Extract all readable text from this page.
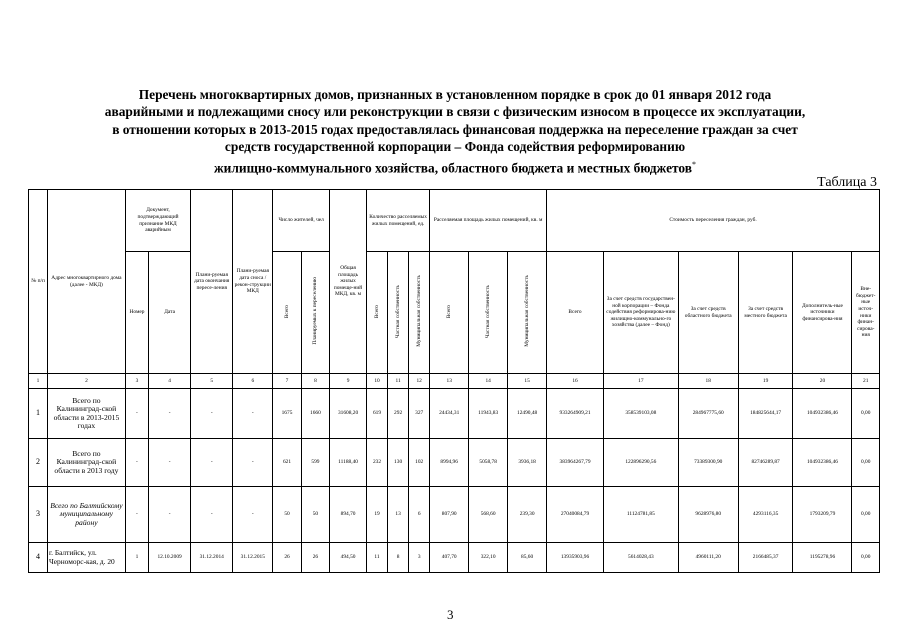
Перечень многоквартирных домов, признанных в установленном порядке в срок до 01 января 2012 года
аварийными и подлежащими сносу или реконструкции в связи с физическим износом в процессе их эксплуатации,
в отношении которых в 2013-2015 годах предоставлялась финансовая поддержка на переселение граждан за счет
средств государственной корпорации – Фонда содействия реформированию
жилищно-коммунального хозяйства, областного бюджета и местных бюджетов*
Таблица 3
№ п/п	Адрес многоквартирного дома (далее - МКД)	Документ, подтверждающий признание МКД аварийным		Плани-руемая дата окончания пересе-ления	Плани-руемая дата сноса / рекон-струкции МКД	Число жителей, чел		Общая площадь жилых помеще-ний МКД, кв. м	Количество расселяемых жилых помещений, ед.			Расселяемая площадь жилых помещений, кв. м			Стоимость переселения граждан, руб.					
		Номер	Дата			Всего	Планируемых к переселению		Всего	Частная собственность	Муниципальная собственность	Всего	Частная собственность	Муниципальная собственность	Всего	За счет средств государствен-ной корпорации – Фонда содействия реформирова-нию жилищно-коммунально-го хозяйства (далее – Фонд)	За счет средств областного бюджета	За счет средств местного бюджета	Дополнитель-ные источники финансирова-ния	Вне-бюджет-ные источ-ники финан-сирова-ния
1	2	3	4	5	6	7	8	9	10	11	12	13	14	15	16	17	18	19	20	21
1	Всего по Калининград-ской области в 2013-2015 годах	-	-	-	-	1675	1660	31608,20	619	292	327	24434,31	11943,83	12490,48	933264909,21	358539103,08	284967775,60	184825644,17	104932386,46	0,00
2	Всего по Калининград-ской области в 2013 году	-	-	-	-	621	599	11188,40	232	130	102	8994,96	5058,78	3936,18	383964267,79	122896290,56	73389300,90	82746289,87	104932386,46	0,00
3	Всего по Балтийскому муниципальному району	-	-	-	-	50	50	894,70	19	13	6	807,90	568,60	239,30	27040084,79	11124781,85	9628976,80	4293116,35	1793209,79	0,00
4	г. Балтийск, ул. Черноморс-кая, д. 20	1	12.10.2009	31.12.2014	31.12.2015	26	26	494,50	11	8	3	407,70	322,10	85,60	13935903,96	5614028,43	4960111,20	2166485,37	1195278,96	0,00
3
